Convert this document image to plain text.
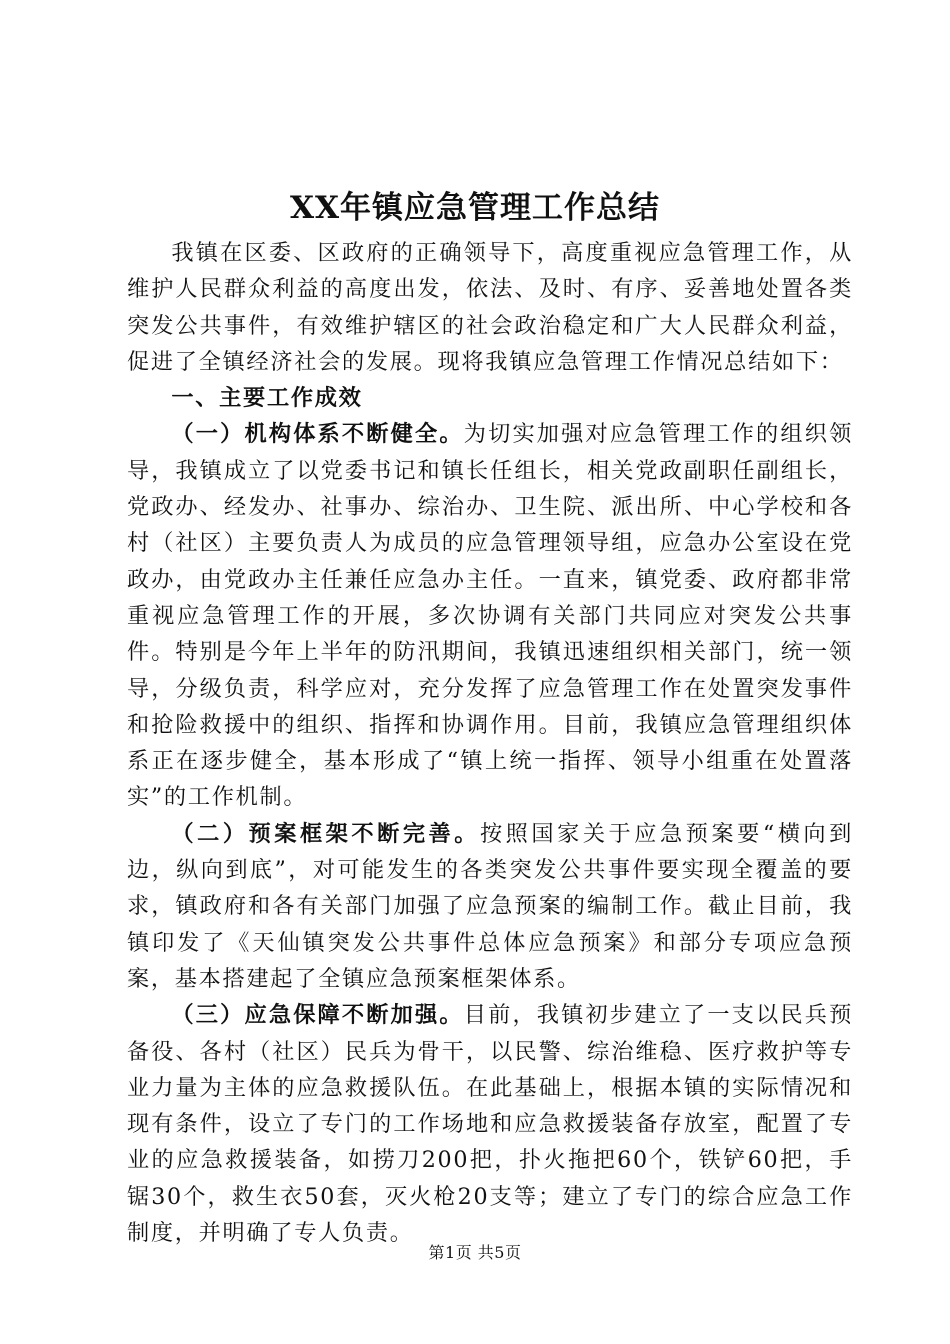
XX年镇应急管理工作总结

我镇在区委、区政府的正确领导下，高度重视应急管理工作，从维护人民群众利益的高度出发，依法、及时、有序、妥善地处置各类突发公共事件，有效维护辖区的社会政治稳定和广大人民群众利益，促进了全镇经济社会的发展。现将我镇应急管理工作情况总结如下：

一、主要工作成效

（一）机构体系不断健全。为切实加强对应急管理工作的组织领导，我镇成立了以党委书记和镇长任组长，相关党政副职任副组长，党政办、经发办、社事办、综治办、卫生院、派出所、中心学校和各村（社区）主要负责人为成员的应急管理领导组，应急办公室设在党政办，由党政办主任兼任应急办主任。一直来，镇党委、政府都非常重视应急管理工作的开展，多次协调有关部门共同应对突发公共事件。特别是今年上半年的防汛期间，我镇迅速组织相关部门，统一领导，分级负责，科学应对，充分发挥了应急管理工作在处置突发事件和抢险救援中的组织、指挥和协调作用。目前，我镇应急管理组织体系正在逐步健全，基本形成了“镇上统一指挥、领导小组重在处置落实”的工作机制。

（二）预案框架不断完善。按照国家关于应急预案要“横向到边，纵向到底”，对可能发生的各类突发公共事件要实现全覆盖的要求，镇政府和各有关部门加强了应急预案的编制工作。截止目前，我镇印发了《天仙镇突发公共事件总体应急预案》和部分专项应急预案，基本搭建起了全镇应急预案框架体系。

（三）应急保障不断加强。目前，我镇初步建立了一支以民兵预备役、各村（社区）民兵为骨干，以民警、综治维稳、医疗救护等专业力量为主体的应急救援队伍。在此基础上，根据本镇的实际情况和现有条件，设立了专门的工作场地和应急救援装备存放室，配置了专业的应急救援装备，如捞刀200把，扑火拖把60个，铁铲60把，手锯30个，救生衣50套，灭火枪20支等；建立了专门的综合应急工作制度，并明确了专人负责。

第1页 共5页
